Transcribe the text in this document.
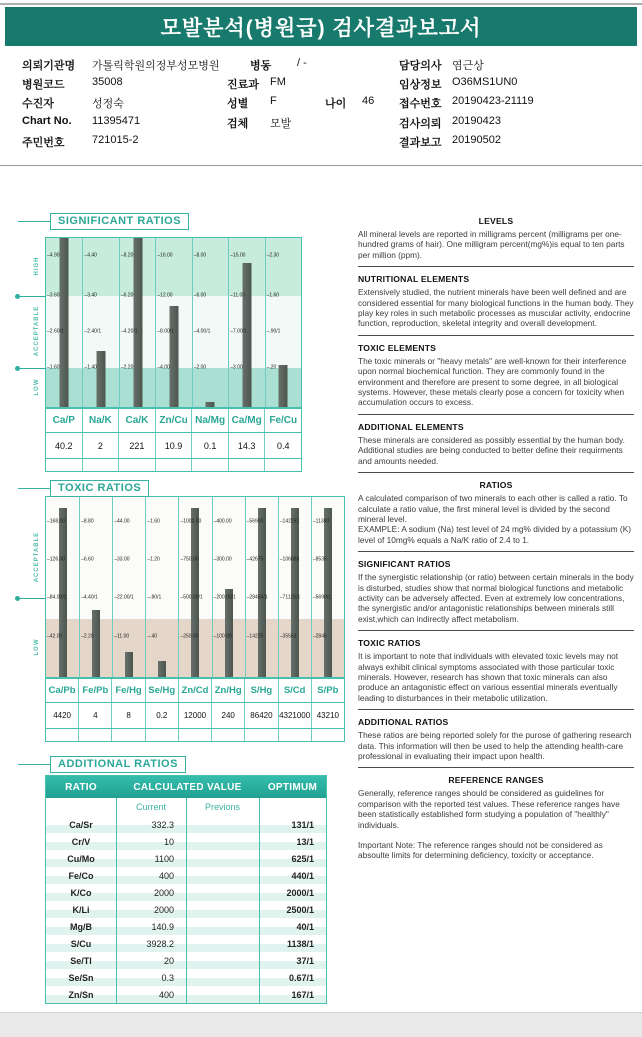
모발분석(병원급) 검사결과보고서
의뢰기관명 가톨릭학원의정부성모병원	병동 / -	담당의사 염근상
병원코드 35008	진료과 FM	임상정보 O36MS1UN0
수진자	성정숙	성별 F	나이 46 접수번호 20190423-21119
Chart No. 11395471	검체 모발	검사의뢰 20190423
주민번호 721015-2	결과보고 20190502
SIGNIFICANT RATIOS
HIGH
ACCEPTABLE
LOW
–4.90
–3.60
–2.60/1
–1.60
–4.40
–3.40
–2.40/1
–1.40
–8.20
–6.20
–4.20/1
–2.20
–16.00
–12.00
–8.00/1
–4.00
–8.00
–6.00
–4.00/1
–2.00
–15.00
–11.00
–7.00/1
–3.00
–2.30
–1.60
–.90/1
–.20
Ca/P	Na/K	Ca/K	Zn/Cu Na/Mg Ca/Mg Fe/Cu
40.2	2	221	10.9	0.1	14.3	0.4
TOXIC RATIOS
ACCEPTABLE
LOW
–168.00
–126.00
–84.00/1
–42.00
–8.80
–6.60
–4.40/1
–2.20
–44.00
–33.00
–22.00/1
–11.00
–1.60
–1.20
–.80/1
–.40
–1000.00
–750.00
–500.00/1
–250.00
–400.00
–300.00
–200.00/1
–100.00
–56900
–42675
–28450/1
–14225
–142251
–106688
–71126/1
–35563
–11380
–8535
–5690/1
–2845
Ca/Pb Fe/Pb Fe/Hg Se/Hg Zn/Cd Zn/Hg S/Hg	S/Cd	S/Pb
4420	4	8	0.2	12000	240	86420 4321000 43210
ADDITIONAL RATIOS
RATIO	CALCULATED VALUE	OPTIMUM
Current	Previons
Ca/Sr	332.3	131/1
Cr/V	10	13/1
Cu/Mo	1100	625/1
Fe/Co	400	440/1
K/Co	2000	2000/1
K/Li	2000	2500/1
Mg/B	140.9	40/1
S/Cu	3928.2	1138/1
Se/Tl	20	37/1
Se/Sn	0.3	0.67/1
Zn/Sn	400	167/1
LEVELS

All mineral levels are reported in milligrams percent (milligrams per one-hundred grams of hair). One milligram percent(mg%)is equal to ten parts per million (ppm).

NUTRITIONAL ELEMENTS

Extensively studied, the nutrient minerals have been well defined and are considered essential for many biological functions in the human body. They play key roles in such metabolic processes as muscular activity, endocrine function, reproduction, skeletal integrity and overall development.

TOXIC ELEMENTS

The toxic minerals or "heavy metals" are well-known for their interference upon normal biochemical function. They are commonly found in the environment and therefore are present to some degree, in all biological systems. However, these metals clearly pose a concern for toxicity when accumulation occurs to excess.

ADDITIONAL ELEMENTS

These minerals are considered as possibly essential by the human body. Additional studies are being conducted to better define their requirments and amounts needed.

RATIOS

A calculated comparison of two minerals to each other is called a ratio. To calculate a ratio value, the first mineral level is divided by the second mineral level.

EXAMPLE: A sodium (Na) test level of 24 mg% divided by a potassium (K) level of 10mg% equals a Na/K ratio of 2.4 to 1.

SIGNIFICANT RATIOS

If the synergistic relationship (or ratio) between certain minerals in the body is disturbed, studies show that normal biological functions and metabolic activity can be adversely affected. Even at extremely low concentrations, the synergistic and/or antagonistic relationships between minerals still exist,which can indirectly affect metabolism.

TOXIC RATIOS

It is important to note that individuals with elevated toxic levels may not always exhibit clinical symptoms associated with those particular toxic minerals. However, research has shown that toxic minerals can also produce an antagonistic effect on various essential minerals eventually leading to disturbances in their metabolic utilization.

ADDITIONAL RATIOS

These ratios are being reported solely for the purose of gathering research data. This information will then be used to help the attending health-care professional in evaluating their impact upon health.

REFERENCE RANGES

Generally, reference ranges should be considered as guidelines for comparison with the reported test values. These reference ranges have been statistically established form studying a population of "healthly" individuals.

Important Note: The reference ranges should not be considered as absoulte limits for determining deficiency, toxicity or acceptance.
